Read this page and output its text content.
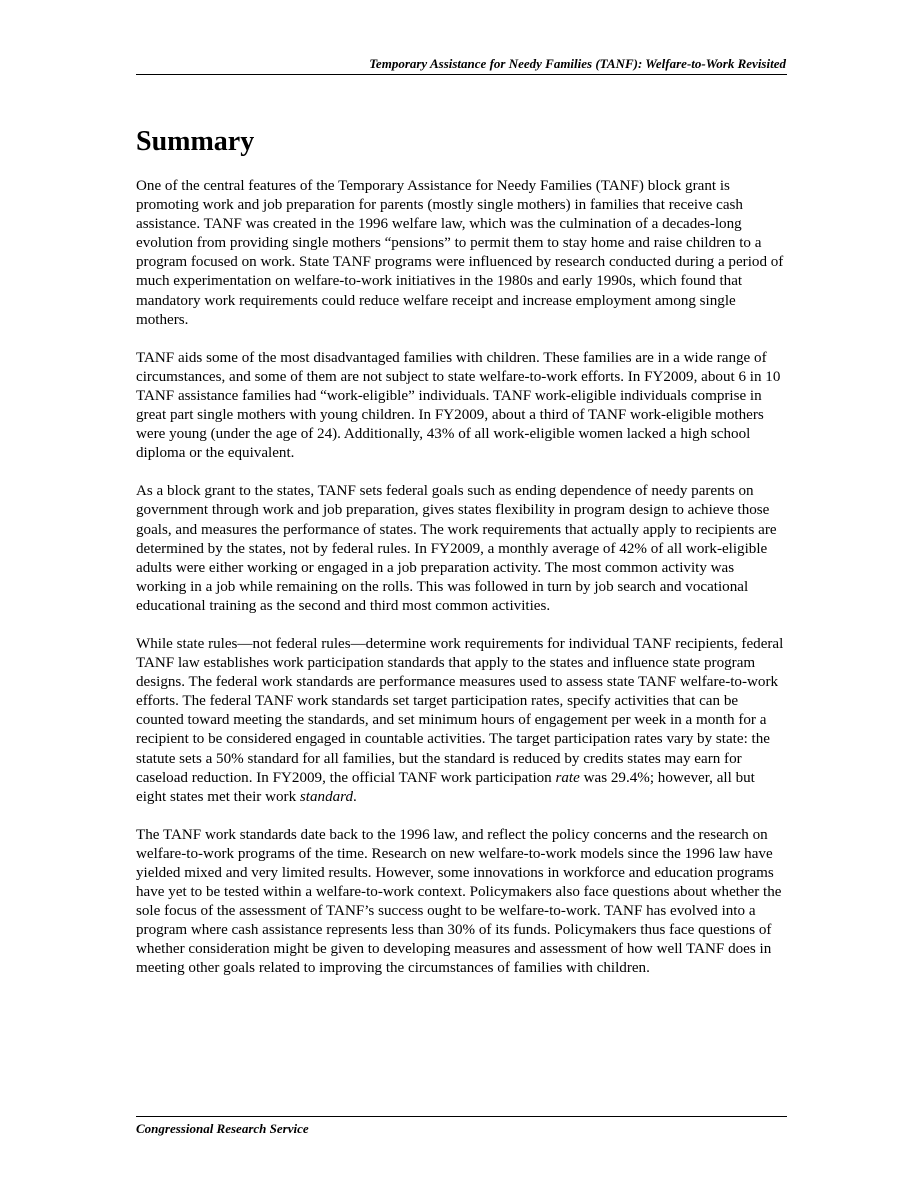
Temporary Assistance for Needy Families (TANF): Welfare-to-Work Revisited
Summary

One of the central features of the Temporary Assistance for Needy Families (TANF) block grant is promoting work and job preparation for parents (mostly single mothers) in families that receive cash assistance. TANF was created in the 1996 welfare law, which was the culmination of a decades-long evolution from providing single mothers “pensions” to permit them to stay home and raise children to a program focused on work. State TANF programs were influenced by research conducted during a period of much experimentation on welfare-to-work initiatives in the 1980s and early 1990s, which found that mandatory work requirements could reduce welfare receipt and increase employment among single mothers.

TANF aids some of the most disadvantaged families with children. These families are in a wide range of circumstances, and some of them are not subject to state welfare-to-work efforts. In FY2009, about 6 in 10 TANF assistance families had “work-eligible” individuals. TANF work-eligible individuals comprise in great part single mothers with young children. In FY2009, about a third of TANF work-eligible mothers were young (under the age of 24). Additionally, 43% of all work-eligible women lacked a high school diploma or the equivalent.

As a block grant to the states, TANF sets federal goals such as ending dependence of needy parents on government through work and job preparation, gives states flexibility in program design to achieve those goals, and measures the performance of states. The work requirements that actually apply to recipients are determined by the states, not by federal rules. In FY2009, a monthly average of 42% of all work-eligible adults were either working or engaged in a job preparation activity. The most common activity was working in a job while remaining on the rolls. This was followed in turn by job search and vocational educational training as the second and third most common activities.

While state rules—not federal rules—determine work requirements for individual TANF recipients, federal TANF law establishes work participation standards that apply to the states and influence state program designs. The federal work standards are performance measures used to assess state TANF welfare-to-work efforts. The federal TANF work standards set target participation rates, specify activities that can be counted toward meeting the standards, and set minimum hours of engagement per week in a month for a recipient to be considered engaged in countable activities. The target participation rates vary by state: the statute sets a 50% standard for all families, but the standard is reduced by credits states may earn for caseload reduction. In FY2009, the official TANF work participation rate was 29.4%; however, all but eight states met their work standard.

The TANF work standards date back to the 1996 law, and reflect the policy concerns and the research on welfare-to-work programs of the time. Research on new welfare-to-work models since the 1996 law have yielded mixed and very limited results. However, some innovations in workforce and education programs have yet to be tested within a welfare-to-work context. Policymakers also face questions about whether the sole focus of the assessment of TANF’s success ought to be welfare-to-work. TANF has evolved into a program where cash assistance represents less than 30% of its funds. Policymakers thus face questions of whether consideration might be given to developing measures and assessment of how well TANF does in meeting other goals related to improving the circumstances of families with children.

Congressional Research Service
